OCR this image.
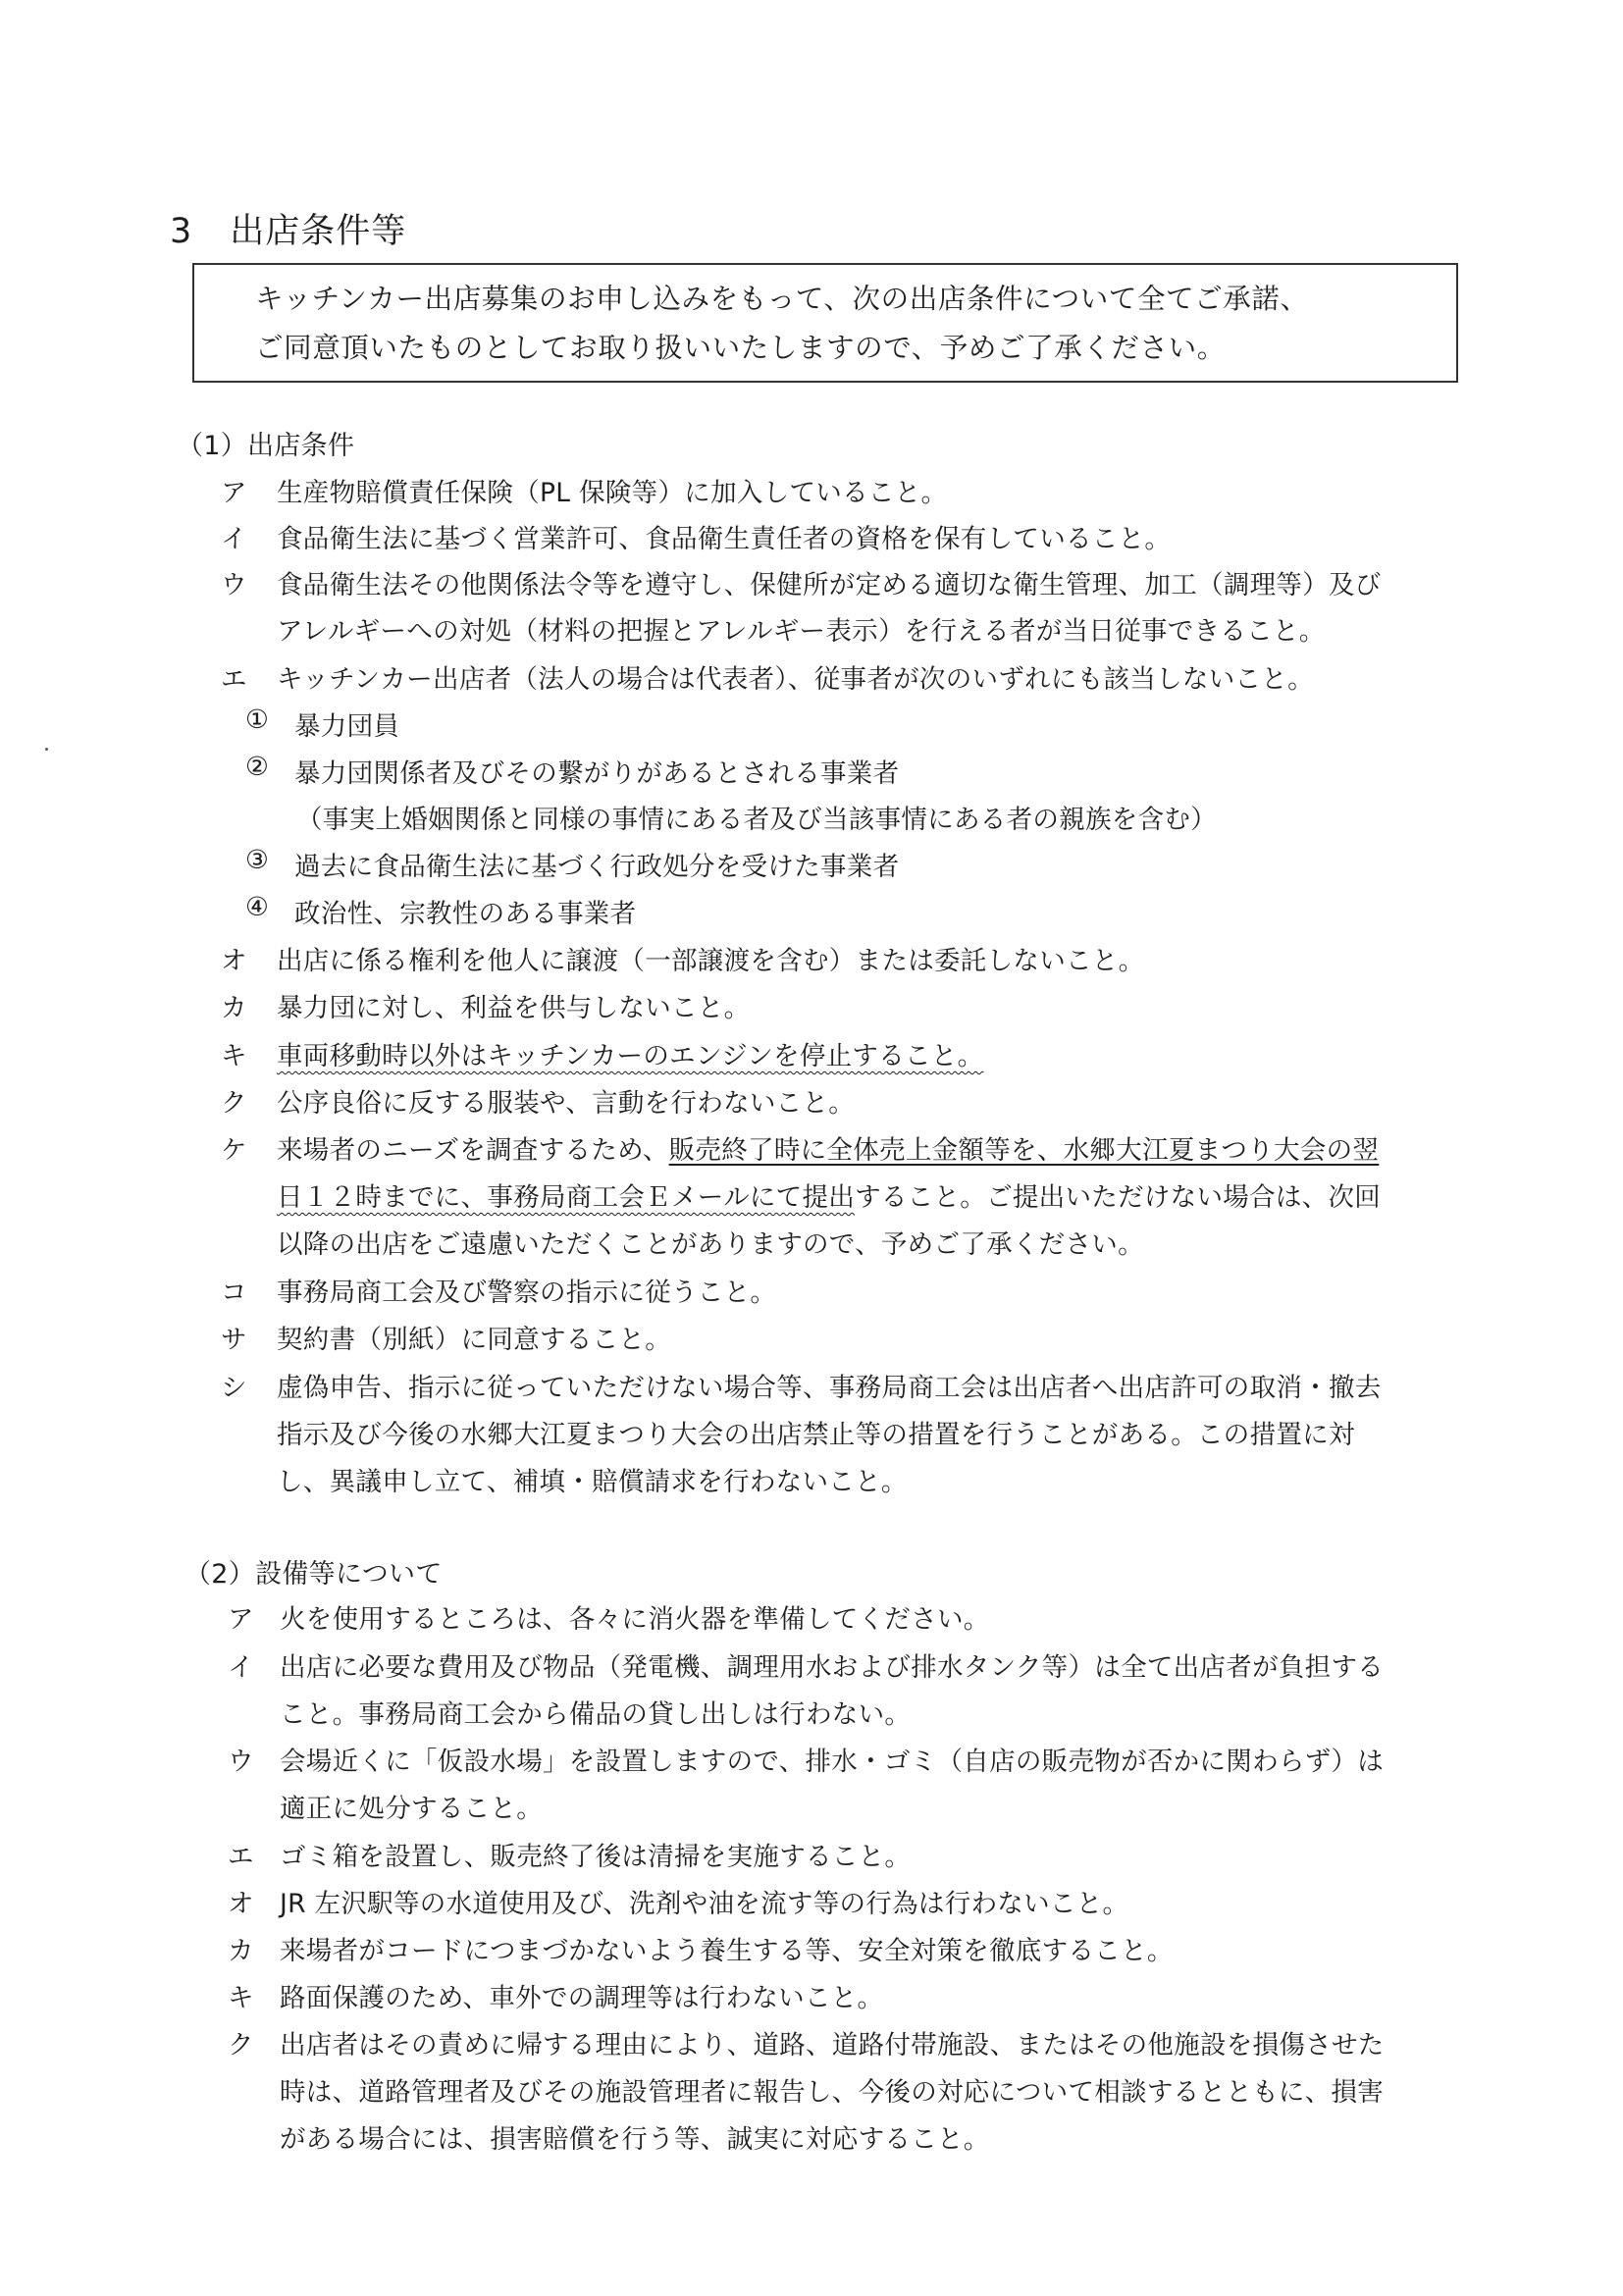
3 出店条件等
キッチンカー出店募集のお申し込みをもって、次の出店条件について全てご承諾、
ご同意頂いたものとしてお取り扱いいたしますので、予めご了承ください。
（1）出店条件
ア 生産物賠償責任保険（PL 保険等）に加入していること。
イ 食品衛生法に基づく営業許可、食品衛生責任者の資格を保有していること。
ウ 食品衛生法その他関係法令等を遵守し、保健所が定める適切な衛生管理、加工（調理等）及び
アレルギーへの対処（材料の把握とアレルギー表示）を行える者が当日従事できること。
エ キッチンカー出店者（法人の場合は代表者）、従事者が次のいずれにも該当しないこと。
① 暴力団員
② 暴力団関係者及びその繋がりがあるとされる事業者
（事実上婚姻関係と同様の事情にある者及び当該事情にある者の親族を含む）
③ 過去に食品衛生法に基づく行政処分を受けた事業者
④ 政治性、宗教性のある事業者
オ 出店に係る権利を他人に譲渡（一部譲渡を含む）または委託しないこと。
カ 暴力団に対し、利益を供与しないこと。
キ 車両移動時以外はキッチンカーのエンジンを停止すること。
ク 公序良俗に反する服装や、言動を行わないこと。
ケ 来場者のニーズを調査するため、販売終了時に全体売上金額等を、水郷大江夏まつり大会の翌
日１２時までに、事務局商工会Ｅメールにて提出すること。ご提出いただけない場合は、次回
以降の出店をご遠慮いただくことがありますので、予めご了承ください。
コ 事務局商工会及び警察の指示に従うこと。
サ 契約書（別紙）に同意すること。
シ 虚偽申告、指示に従っていただけない場合等、事務局商工会は出店者へ出店許可の取消・撤去
指示及び今後の水郷大江夏まつり大会の出店禁止等の措置を行うことがある。この措置に対
し、異議申し立て、補填・賠償請求を行わないこと。
（2）設備等について
ア 火を使用するところは、各々に消火器を準備してください。
イ 出店に必要な費用及び物品（発電機、調理用水および排水タンク等）は全て出店者が負担する
こと。事務局商工会から備品の貸し出しは行わない。
ウ 会場近くに「仮設水場」を設置しますので、排水・ゴミ（自店の販売物が否かに関わらず）は
適正に処分すること。
エ ゴミ箱を設置し、販売終了後は清掃を実施すること。
オ JR 左沢駅等の水道使用及び、洗剤や油を流す等の行為は行わないこと。
カ 来場者がコードにつまづかないよう養生する等、安全対策を徹底すること。
キ 路面保護のため、車外での調理等は行わないこと。
ク 出店者はその責めに帰する理由により、道路、道路付帯施設、またはその他施設を損傷させた
時は、道路管理者及びその施設管理者に報告し、今後の対応について相談するとともに、損害
がある場合には、損害賠償を行う等、誠実に対応すること。
